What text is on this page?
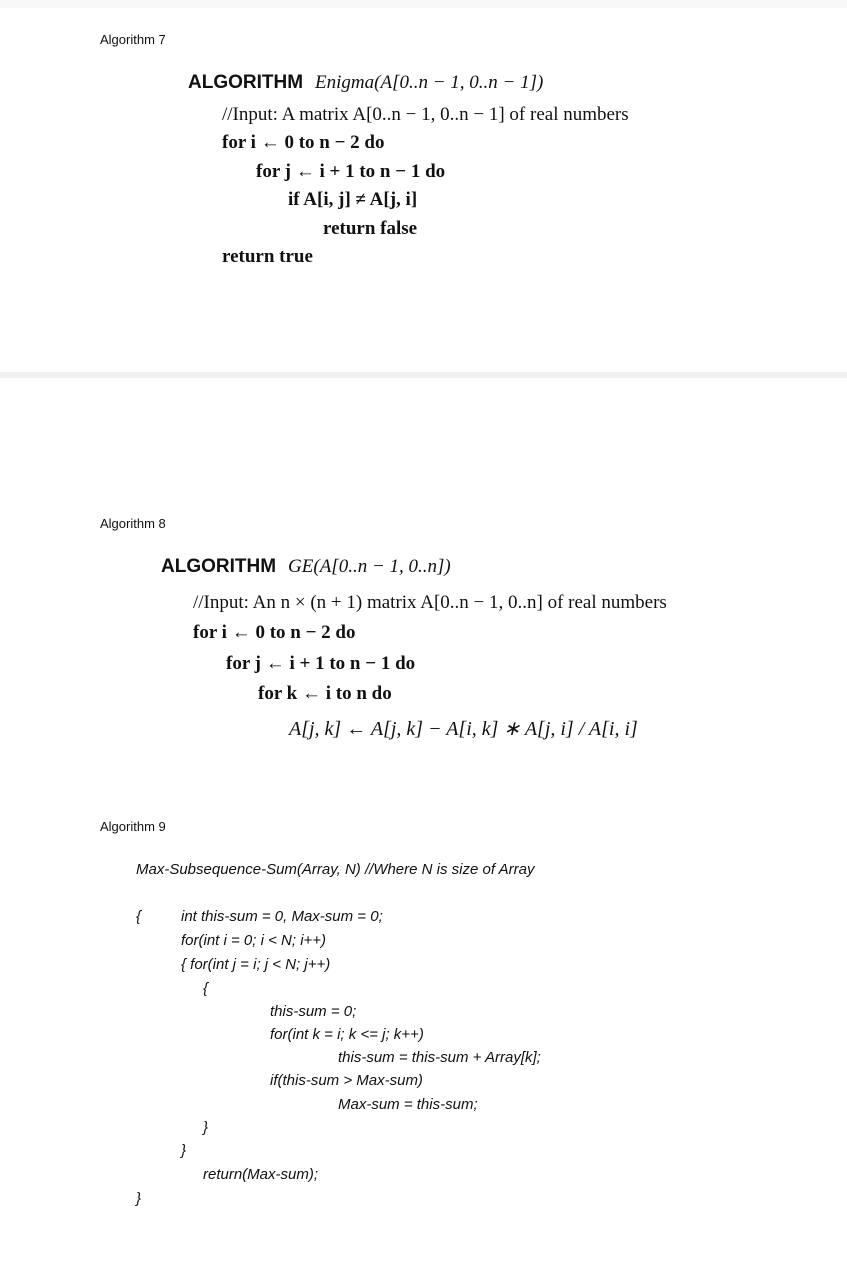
Algorithm 7
ALGORITHM Enigma(A[0..n − 1, 0..n − 1])
//Input: A matrix A[0..n − 1, 0..n − 1] of real numbers
for i ← 0 to n − 2 do
for j ← i + 1 to n − 1 do
if A[i, j] ≠ A[j, i]
return false
return true
Algorithm 8
ALGORITHM GE(A[0..n − 1, 0..n])
//Input: An n × (n + 1) matrix A[0..n − 1, 0..n] of real numbers
for i ← 0 to n − 2 do
for j ← i + 1 to n − 1 do
for k ← i to n do
A[j, k] ← A[j, k] − A[i, k] ∗ A[j, i] / A[i, i]
Algorithm 9
Max-Subsequence-Sum(Array, N) //Where N is size of Array
{	int this-sum = 0, Max-sum = 0;
for(int i = 0; i < N; i++)
{ for(int j = i; j < N; j++)
{
this-sum = 0;
for(int k = i; k <= j; k++)
this-sum = this-sum + Array[k];
if(this-sum > Max-sum)
Max-sum = this-sum;
}
}
return(Max-sum);
}
